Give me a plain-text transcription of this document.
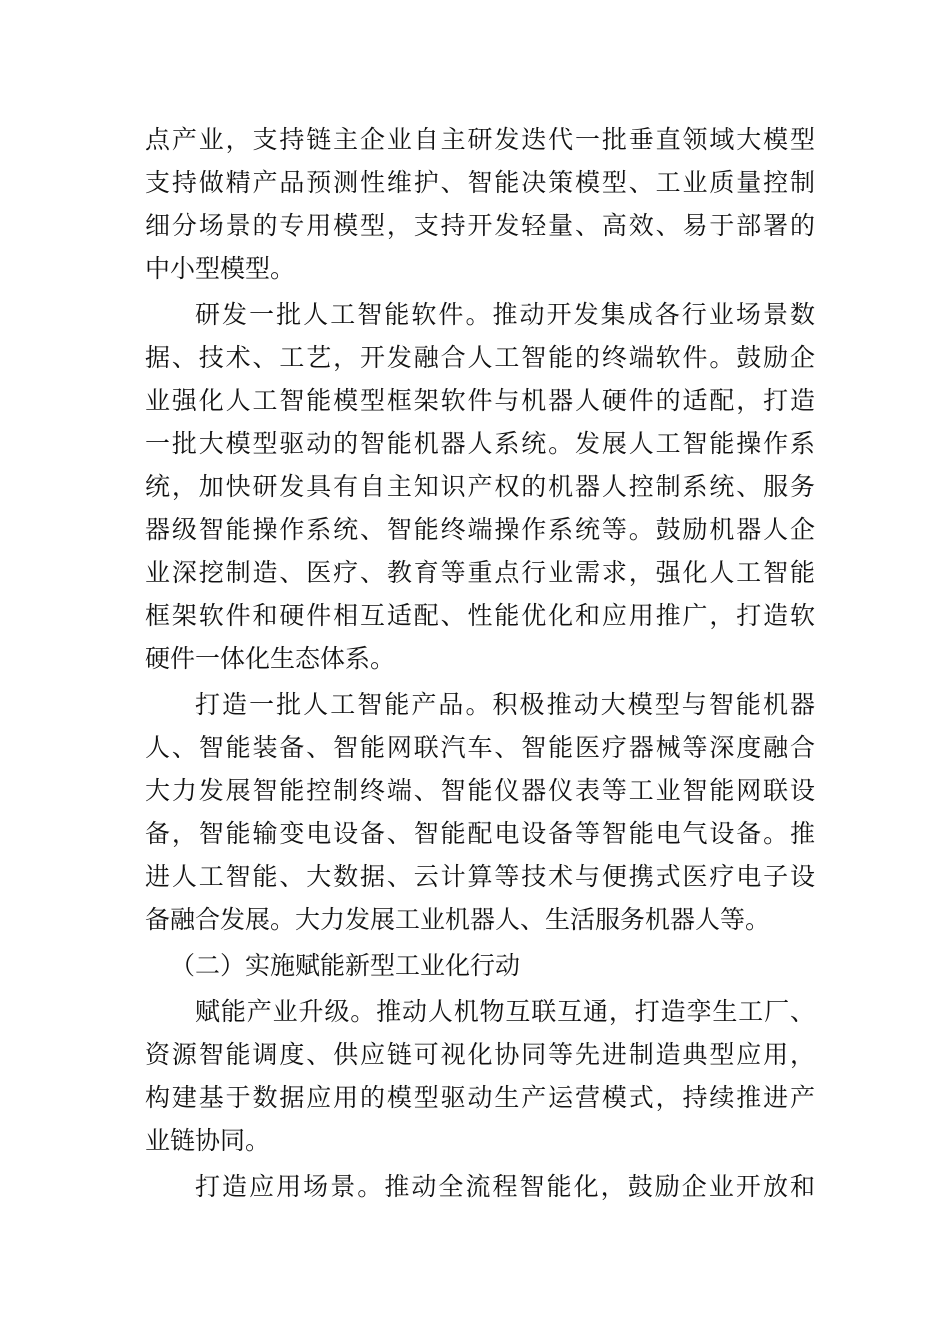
点产业，支持链主企业自主研发迭代一批垂直领域大模型
支持做精产品预测性维护、智能决策模型、工业质量控制
细分场景的专用模型，支持开发轻量、高效、易于部署的
中小型模型。
研发一批人工智能软件。推动开发集成各行业场景数
据、技术、工艺，开发融合人工智能的终端软件。鼓励企
业强化人工智能模型框架软件与机器人硬件的适配，打造
一批大模型驱动的智能机器人系统。发展人工智能操作系
统，加快研发具有自主知识产权的机器人控制系统、服务
器级智能操作系统、智能终端操作系统等。鼓励机器人企
业深挖制造、医疗、教育等重点行业需求，强化人工智能
框架软件和硬件相互适配、性能优化和应用推广，打造软
硬件一体化生态体系。
打造一批人工智能产品。积极推动大模型与智能机器
人、智能装备、智能网联汽车、智能医疗器械等深度融合
大力发展智能控制终端、智能仪器仪表等工业智能网联设
备，智能输变电设备、智能配电设备等智能电气设备。推
进人工智能、大数据、云计算等技术与便携式医疗电子设
备融合发展。大力发展工业机器人、生活服务机器人等。
（二）实施赋能新型工业化行动
赋能产业升级。推动人机物互联互通，打造孪生工厂、
资源智能调度、供应链可视化协同等先进制造典型应用，
构建基于数据应用的模型驱动生产运营模式，持续推进产
业链协同。
打造应用场景。推动全流程智能化，鼓励企业开放和
